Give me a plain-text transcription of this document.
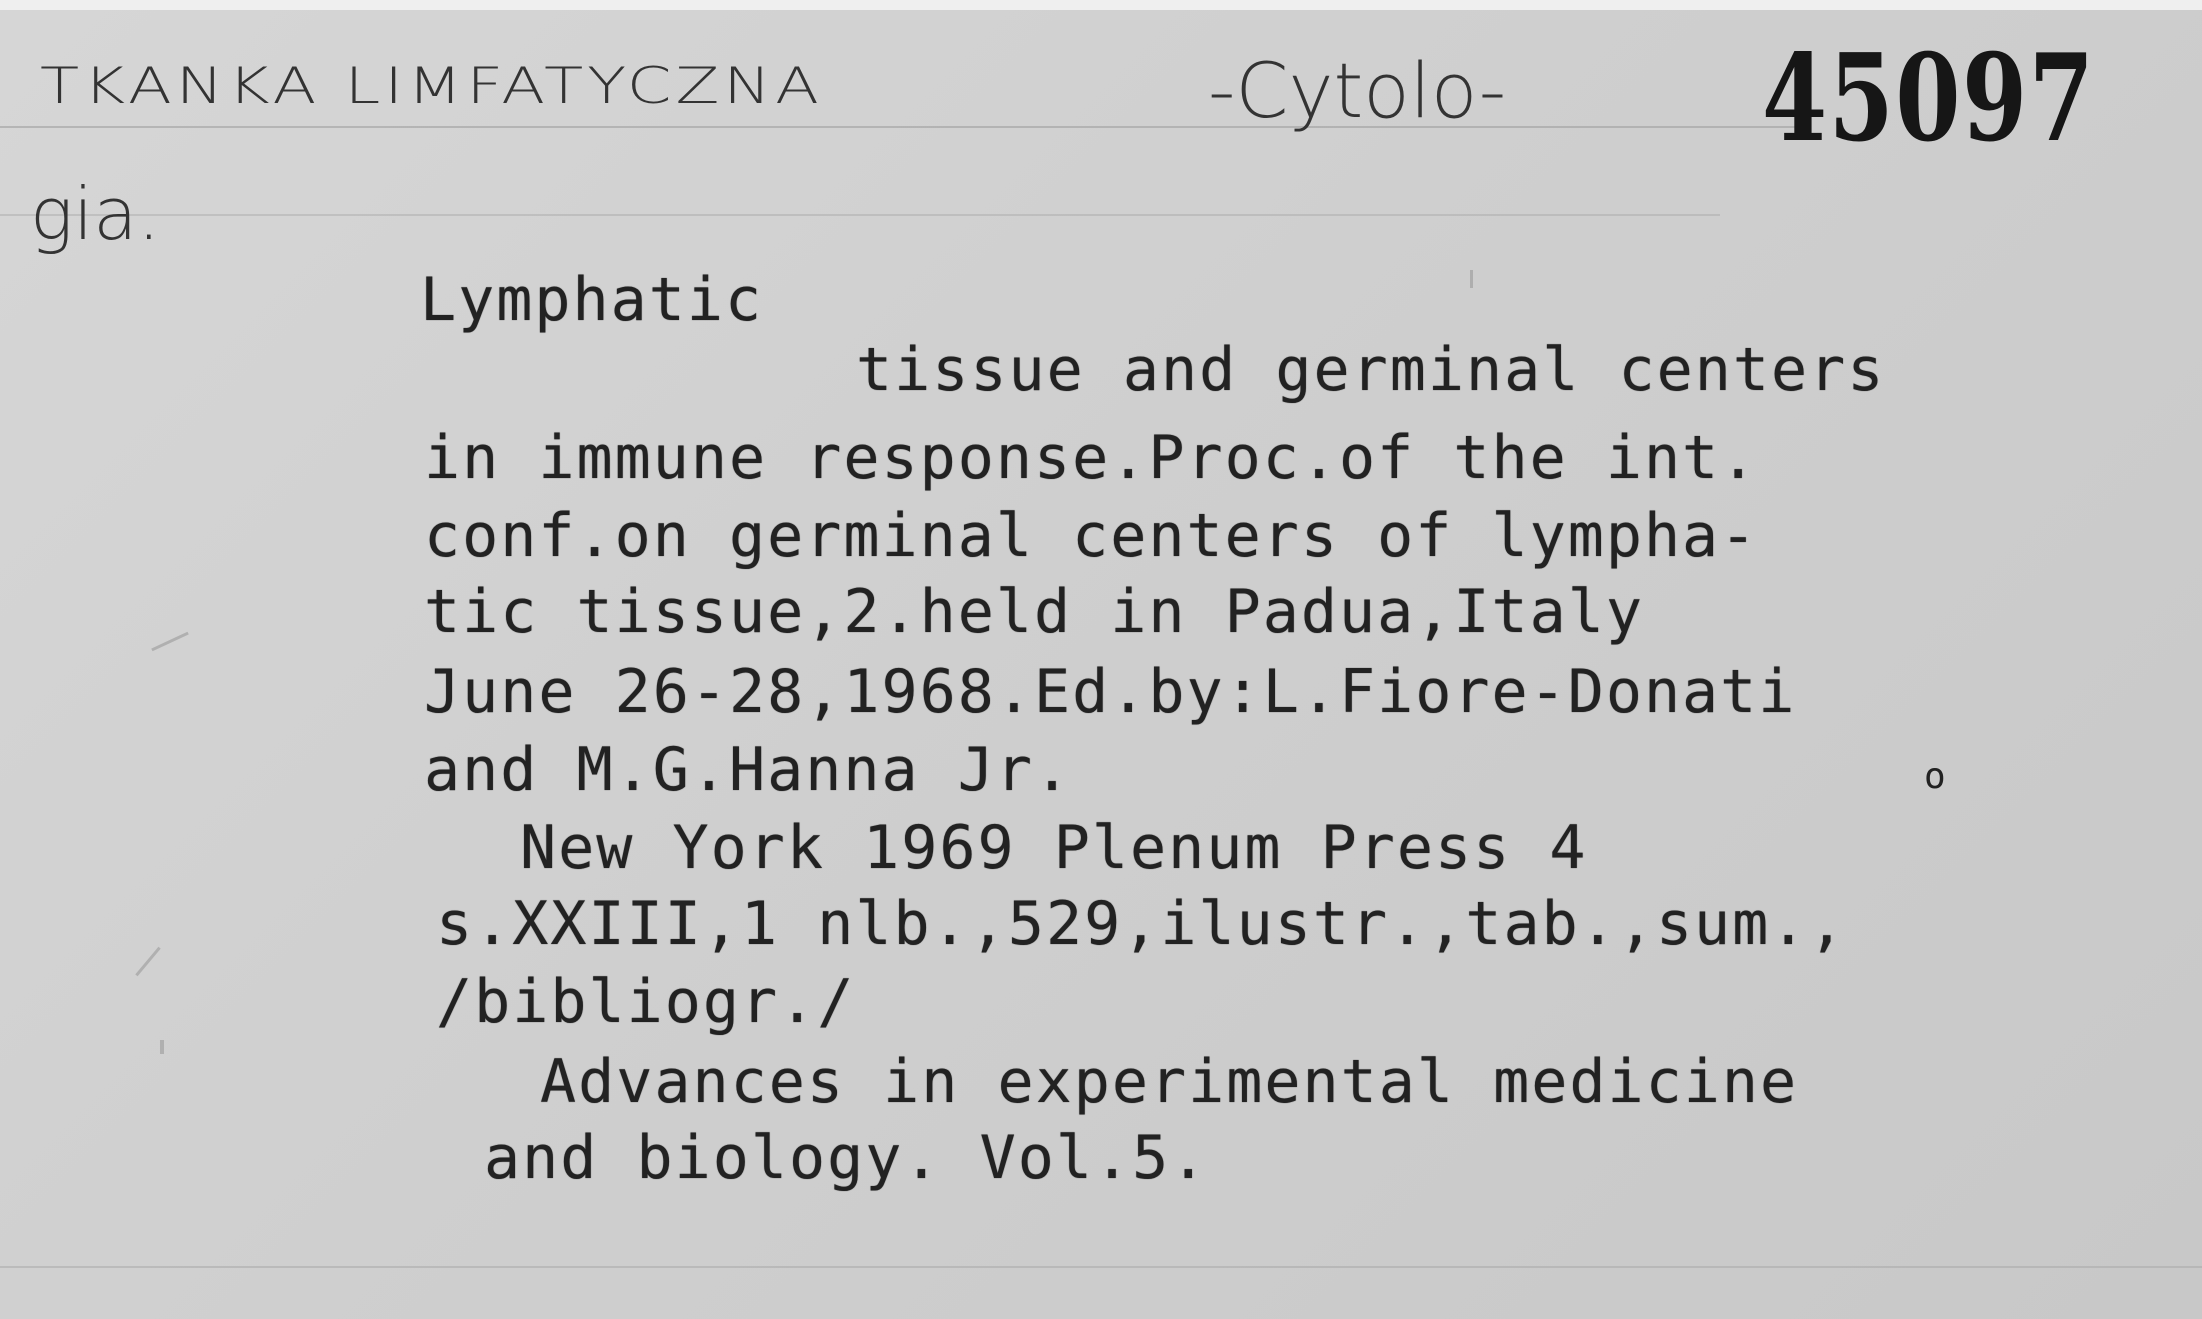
TKANKA LIMFATYCZNA	-Cytolo-
gia.
45097
Lymphatic
tissue and germinal centers
in immune response.Proc.of the int.
conf.on germinal centers of lympha-
tic tissue,2.held in Padua,Italy
June 26-28,1968.Ed.by:L.Fiore-Donati
and M.G.Hanna Jr.
New York 1969 Plenum Press 4
o
s.XXIII,1 nlb.,529,ilustr.,tab.,sum.,
/bibliogr./
Advances in experimental medicine
and biology. Vol.5.
